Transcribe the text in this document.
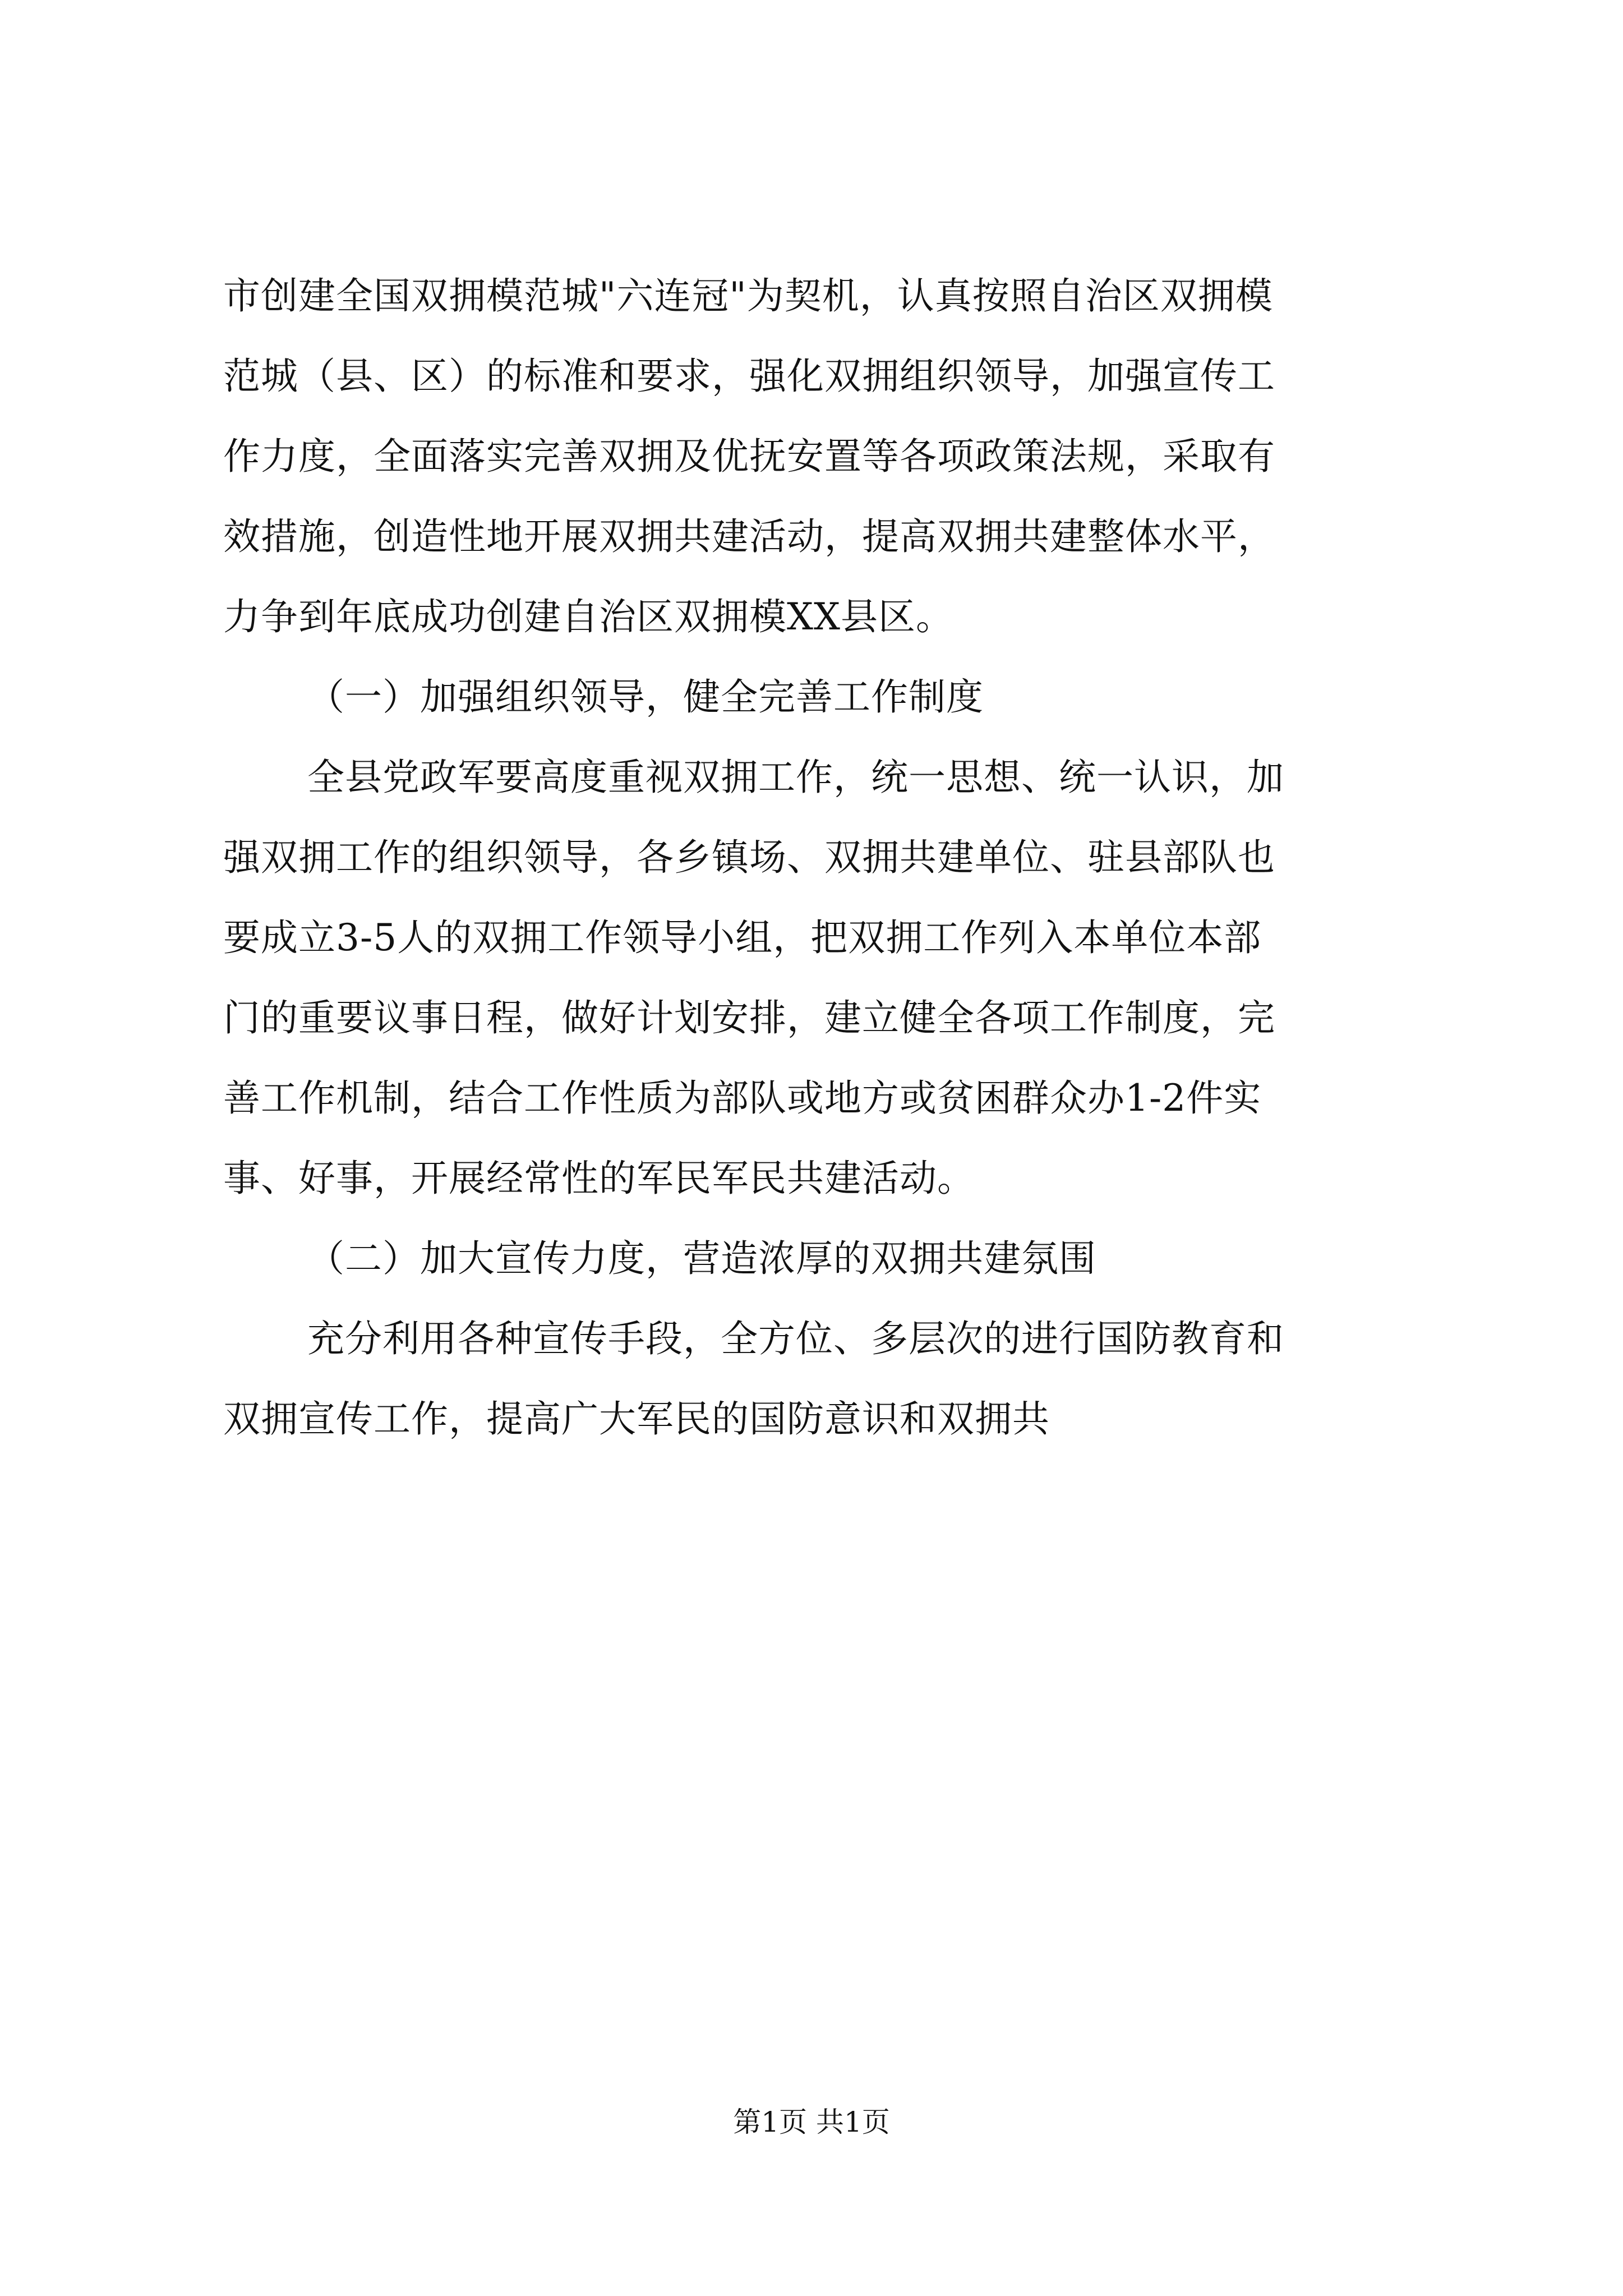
市创建全国双拥模范城"六连冠"为契机，认真按照自治区双拥模
范城（县、区）的标准和要求，强化双拥组织领导，加强宣传工
作力度，全面落实完善双拥及优抚安置等各项政策法规，采取有
效措施，创造性地开展双拥共建活动，提高双拥共建整体水平，
力争到年底成功创建自治区双拥模XX县区。
（一）加强组织领导，健全完善工作制度
全县党政军要高度重视双拥工作，统一思想、统一认识，加
强双拥工作的组织领导，各乡镇场、双拥共建单位、驻县部队也
要成立3-5人的双拥工作领导小组，把双拥工作列入本单位本部
门的重要议事日程，做好计划安排，建立健全各项工作制度，完
善工作机制，结合工作性质为部队或地方或贫困群众办1-2件实
事、好事，开展经常性的军民军民共建活动。
（二）加大宣传力度，营造浓厚的双拥共建氛围
充分利用各种宣传手段，全方位、多层次的进行国防教育和
双拥宣传工作，提高广大军民的国防意识和双拥共
第1页 共1页
